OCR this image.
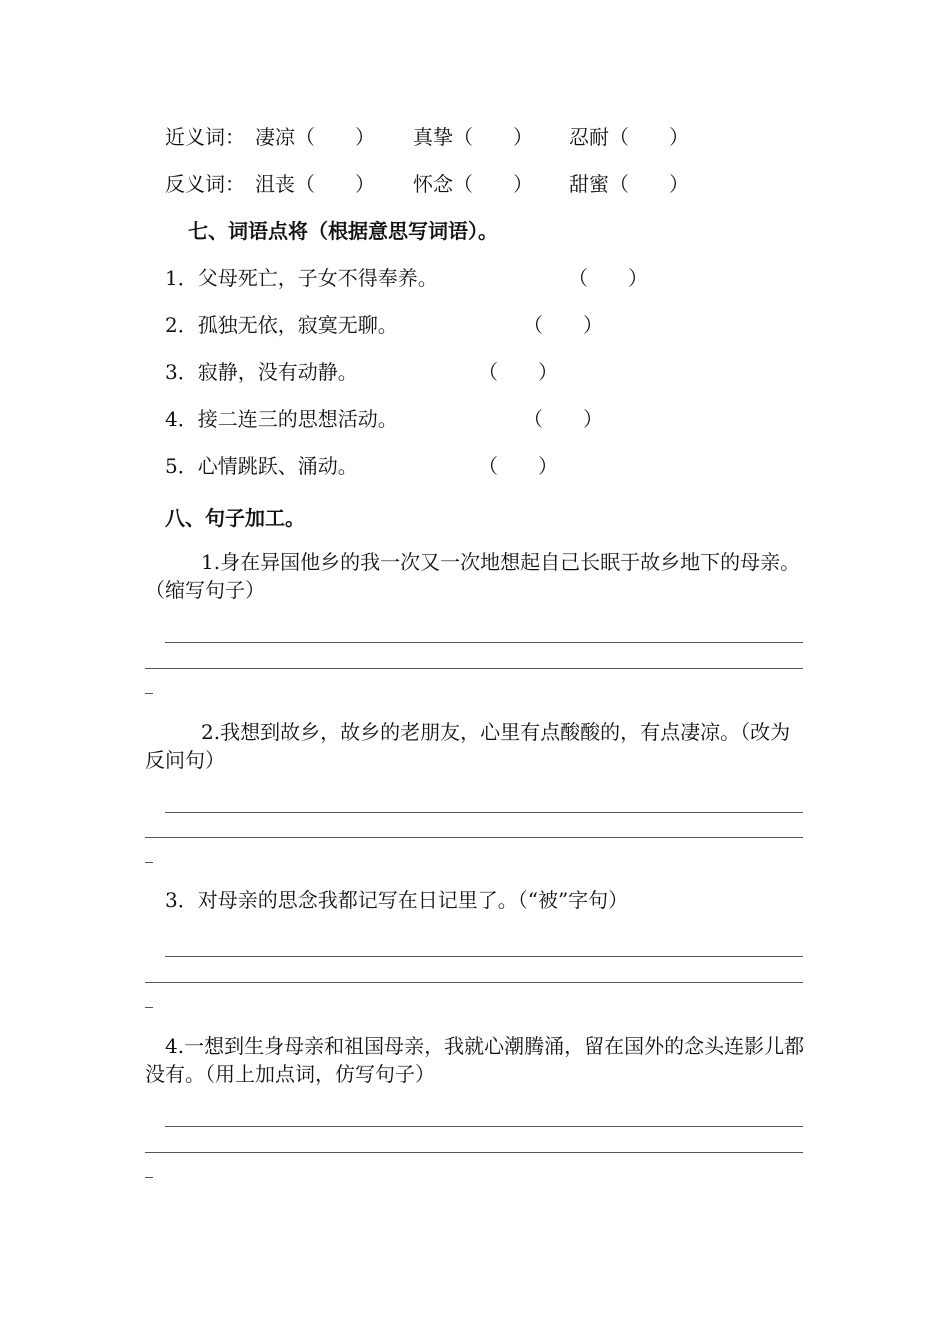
近义词： 凄凉（　　） 真挚（　　） 忍耐（　　）
反义词： 沮丧（　　） 怀念（　　） 甜蜜（　　）
七、词语点将（根据意思写词语）。
1．父母死亡，子女不得奉养。	（　　）
2．孤独无依，寂寞无聊。	（　　）
3．寂静，没有动静。	（　　）
4．接二连三的思想活动。	（　　）
5．心情跳跃、涌动。	（　　）
八、句子加工。
1.身在异国他乡的我一次又一次地想起自己长眠于故乡地下的母亲。（缩写句子）
2.我想到故乡，故乡的老朋友，心里有点酸酸的，有点凄凉。（改为反问句）
3．对母亲的思念我都记写在日记里了。（“被”字句）
4.一想到生身母亲和祖国母亲，我就心潮腾涌，留在国外的念头连影儿都没有。（用上加点词，仿写句子）
